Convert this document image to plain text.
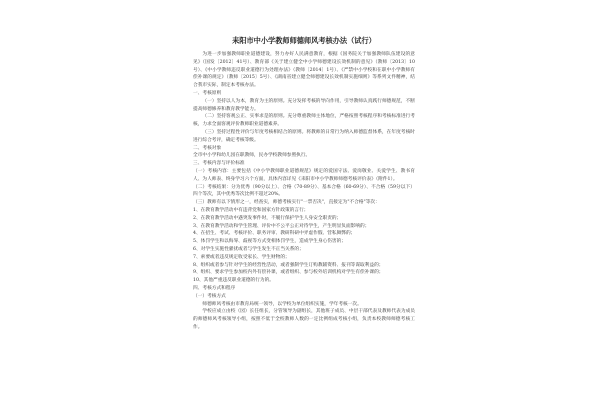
耒阳市中小学教师师德师风考核办法（试行）

为进一步加强教师职业道德建设，努力办好人民满意教育，根据《国务院关于加强教师队伍建设的意见》（国发〔2012〕41号）、教育部《关于建立健全中小学师德建设长效机制的意见》（教师〔2013〕10号）、《中小学教师违反职业道德行为处理办法》（教师〔2014〕1号）、《严禁中小学校和在职中小学教师有偿补课的规定》（教师〔2015〕5号）、《湖南省建立健全师德建设长效机制实施细则》等系列文件精神，结合我市实际，制定本考核办法。

一、考核原则

（一）坚持以人为本，教育为主的原则。充分发挥考核的导向作用，引导教师认真践行师德规范，不断提高师德修养和教育教学能力。

（二）坚持客观公正、实事求是的原则。充分尊重教师主体地位，严格按照考核程序和考核标准进行考核，力求全面客观评价教师职业道德素养。

（三）坚持过程性评价与年度考核相结合的原则。将教师的日常行为纳入师德监督体系，在年度考核时进行综合考评，确定考核等级。

二、考核对象

全市中小学和幼儿园在职教师，民办学校教师参照执行。

三、考核内容与评价标准

（一）考核内容：主要包括《中小学教师职业道德规范》规定的爱国守法、爱岗敬业、关爱学生、教书育人、为人师表、终身学习六个方面，具体内容详见《耒阳市中小学教师师德考核评价表》（附件1）。

（二）考核结果：分为优秀（90分以上）、合格（70-89分）、基本合格（60-69分）、不合格（59分以下）四个等次，其中优秀等次比例不超过20%。

（三）教师有以下情形之一，经查实，师德考核实行"一票否决"，直接定为"不合格"等次：

1、在教育教学活动中有违背党和国家方针政策的言行；

2、在教育教学活动中遇突发事件时，不履行保护学生人身安全职责的；

3、在教育教学活动和学生管理、评价中不公平公正对待学生，产生明显负面影响的；

4、在招生、考试、考核评价、职务评审、教研科研中弄虚作假、营私舞弊的；

5、体罚学生和以侮辱、歧视等方式变相体罚学生，造成学生身心伤害的；

6、对学生实施性骚扰或者与学生发生不正当关系的；

7、索要或者违反规定收受家长、学生财物的；

8、组织或者参与针对学生的经营性活动，或者强制学生订购教辅资料、报刊等谋取利益的；

9、组织、要求学生参加校内外有偿补课，或者组织、参与校外培训机构对学生有偿补课的；

10、其他严重违反职业道德的行为的。

四、考核方式和程序

（一）考核方式

师德师风考核由市教育局统一领导，以学校为单位组织实施，学年考核一次。

学校应成立由校（园）长任组长，分管领导为副组长，其他班子成员、中层干部代表及教师代表为成员的师德师风考核领导小组，按照不低于全校教师人数的一定比例组成考核小组，负责本校教师师德考核工作。
